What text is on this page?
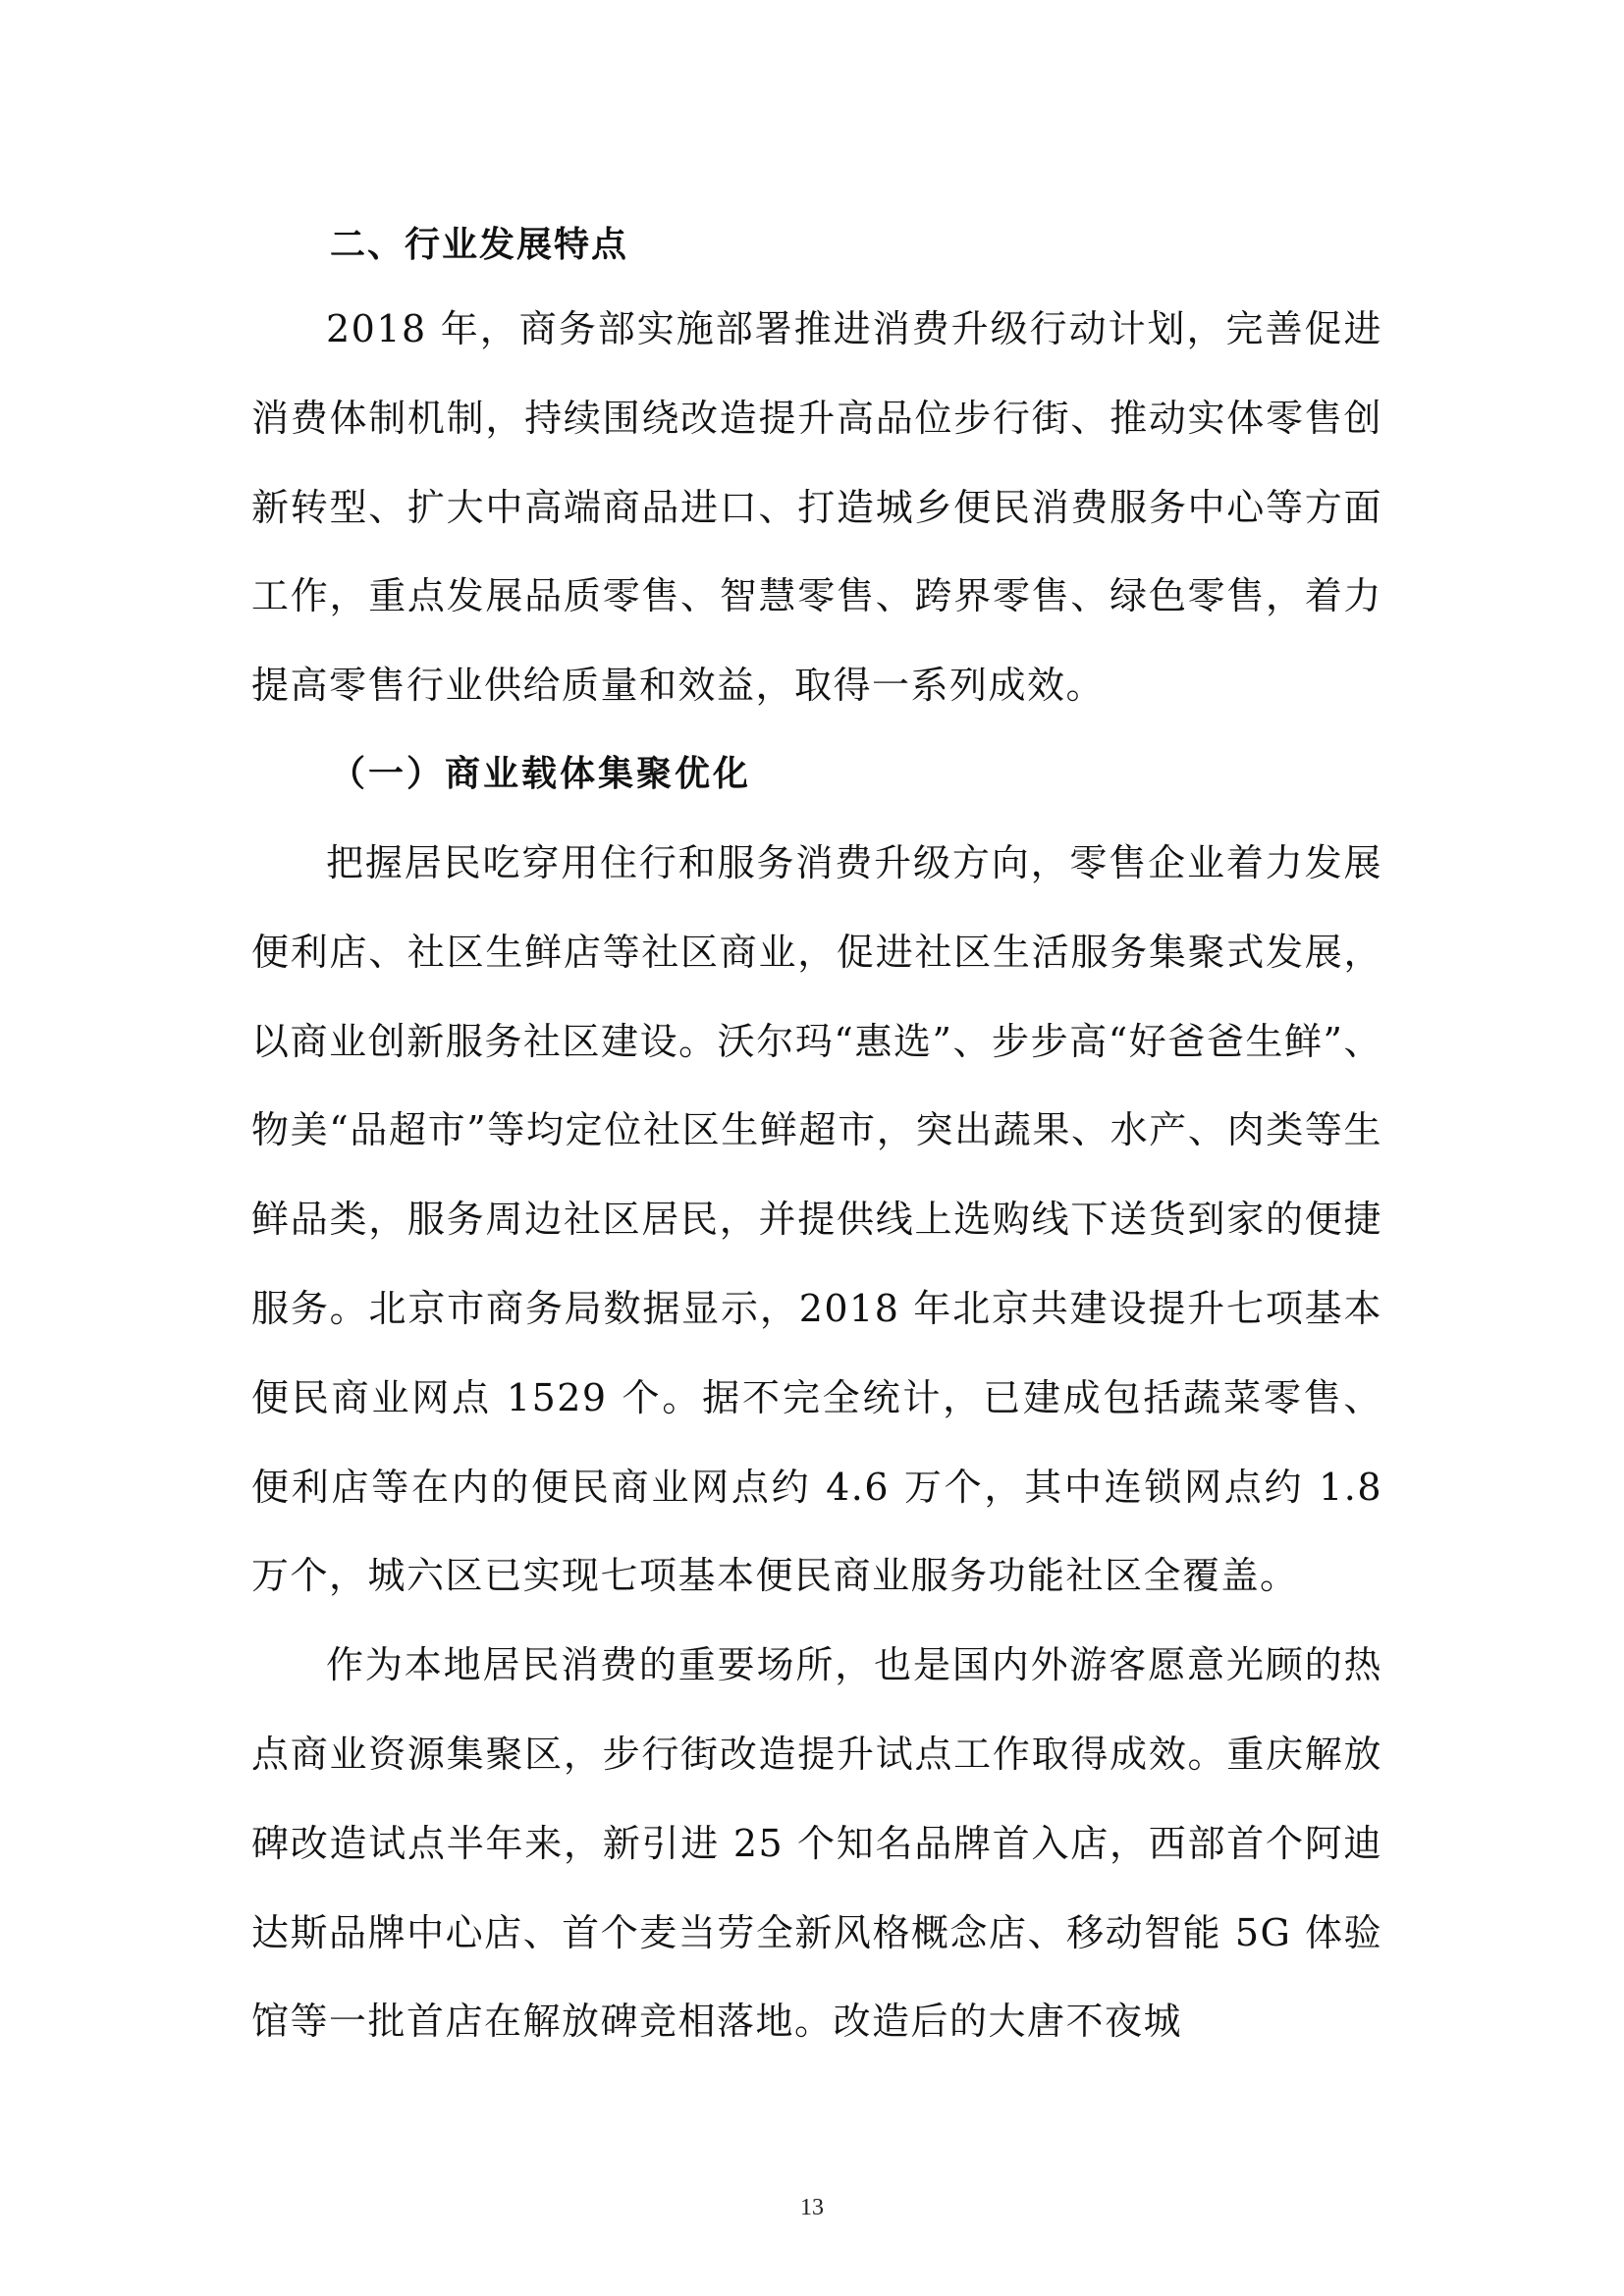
二、行业发展特点

2018 年，商务部实施部署推进消费升级行动计划，完善促进消费体制机制，持续围绕改造提升高品位步行街、推动实体零售创新转型、扩大中高端商品进口、打造城乡便民消费服务中心等方面工作，重点发展品质零售、智慧零售、跨界零售、绿色零售，着力提高零售行业供给质量和效益，取得一系列成效。

（一）商业载体集聚优化

把握居民吃穿用住行和服务消费升级方向，零售企业着力发展便利店、社区生鲜店等社区商业，促进社区生活服务集聚式发展，以商业创新服务社区建设。沃尔玛“惠选”、步步高“好爸爸生鲜”、物美“品超市”等均定位社区生鲜超市，突出蔬果、水产、肉类等生鲜品类，服务周边社区居民，并提供线上选购线下送货到家的便捷服务。北京市商务局数据显示，2018 年北京共建设提升七项基本便民商业网点 1529 个。据不完全统计，已建成包括蔬菜零售、便利店等在内的便民商业网点约 4.6 万个，其中连锁网点约 1.8 万个，城六区已实现七项基本便民商业服务功能社区全覆盖。

作为本地居民消费的重要场所，也是国内外游客愿意光顾的热点商业资源集聚区，步行街改造提升试点工作取得成效。重庆解放碑改造试点半年来，新引进 25 个知名品牌首入店，西部首个阿迪达斯品牌中心店、首个麦当劳全新风格概念店、移动智能 5G 体验馆等一批首店在解放碑竞相落地。改造后的大唐不夜城

13
